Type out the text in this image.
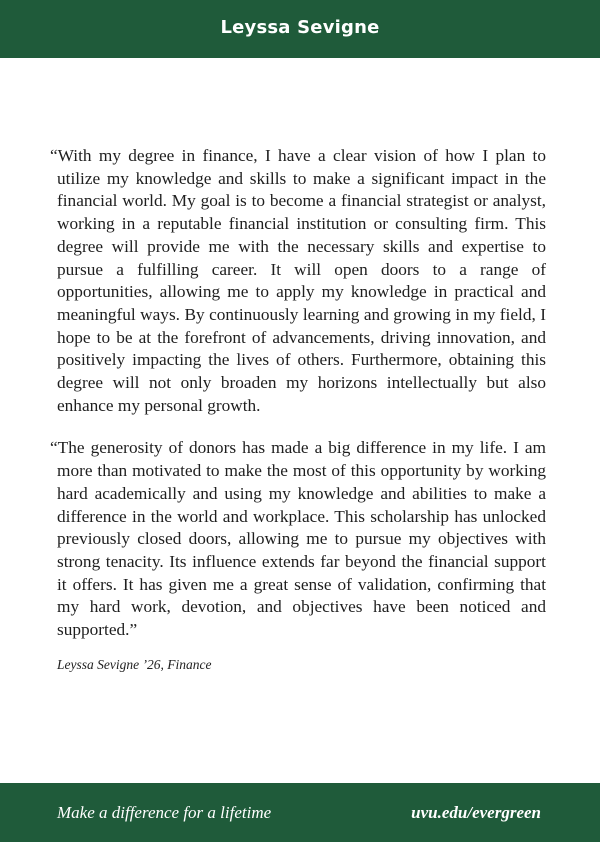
Leyssa Sevigne

“With my degree in finance, I have a clear vision of how I plan to utilize my knowledge and skills to make a significant impact in the financial world. My goal is to become a financial strategist or analyst, working in a reputable financial institution or consulting firm. This degree will provide me with the necessary skills and expertise to pursue a fulfilling career. It will open doors to a range of opportunities, allowing me to apply my knowledge in practical and meaningful ways. By continuously learning and growing in my field, I hope to be at the forefront of advancements, driving innovation, and positively impacting the lives of others. Furthermore, obtaining this degree will not only broaden my horizons intellectually but also enhance my personal growth.

“The generosity of donors has made a big difference in my life. I am more than motivated to make the most of this opportunity by working hard academically and using my knowledge and abilities to make a difference in the world and workplace. This scholarship has unlocked previously closed doors, allowing me to pursue my objectives with strong tenacity. Its influence extends far beyond the financial support it offers. It has given me a great sense of validation, confirming that my hard work, devotion, and objectives have been noticed and supported.”

Leyssa Sevigne ’26, Finance
Make a difference for a lifetime	uvu.edu/evergreen
